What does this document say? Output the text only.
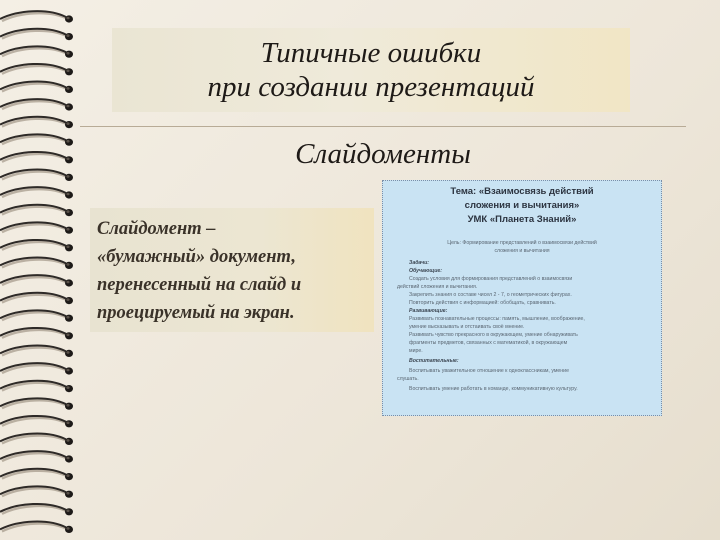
Типичные ошибки
при создании презентаций
Слайдоменты
Слайдомент –
«бумажный» документ,
перенесенный на слайд и
проецируемый на экран.
Тема: «Взаимосвязь действий
сложения и вычитания»
УМК «Планета Знаний»
Цель: Формирование представлений о взаимосвязи действий
сложения и вычитания
Задачи:
Обучающие:
Создать условия для формирования представлений о взаимосвязи
действий сложения и вычитания.
Закрепить знания о составе чисел 2 - 7, о геометрических фигурах.
Повторить действия с информацией: обобщать, сравнивать.
Развивающие:
Развивать познавательные процессы: память, мышление, воображение,
умение высказывать и отстаивать своё мнение.
Развивать чувство прекрасного в окружающем, умение обнаруживать
фрагменты предметов, связанных с математикой, в окружающем
мире.
Воспитательные:
Воспитывать уважительное отношение к одноклассникам, умение
слушать.
Воспитывать умение работать в команде, коммуникативную культуру.
